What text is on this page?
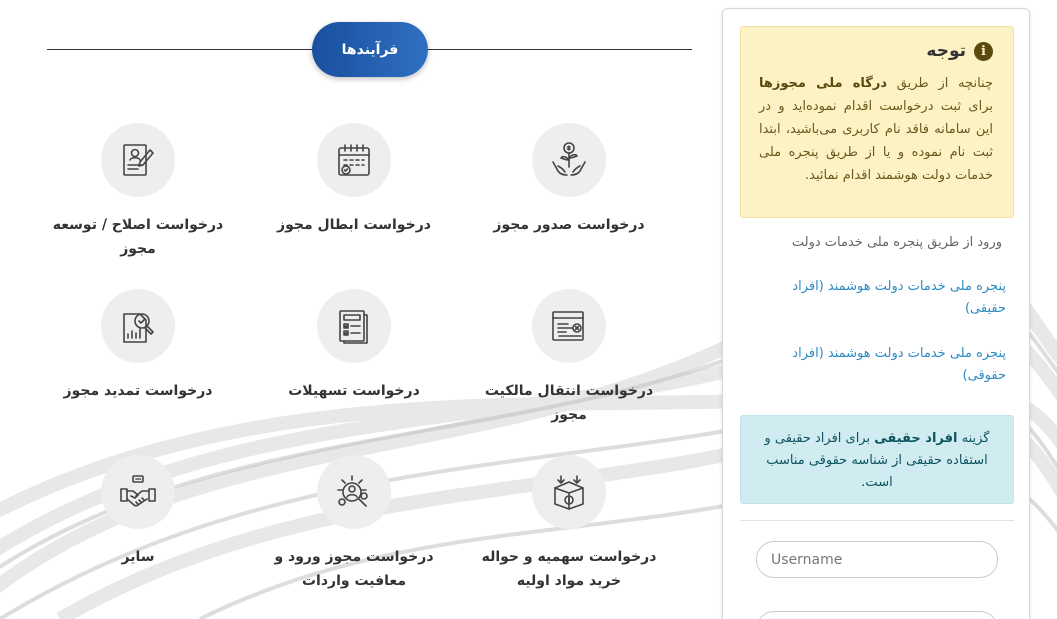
فرآیندها
درخواست صدور مجوز
درخواست ابطال مجوز
درخواست اصلاح / توسعه مجوز
درخواست انتقال مالکیت مجوز
درخواست تسهیلات
درخواست تمدید مجوز
درخواست سهمیه و حواله خرید مواد اولیه
درخواست مجوز ورود و معافیت واردات
سایر
i
توجه
چنانچه از طریق درگاه ملی مجوزها برای ثبت درخواست اقدام نموده‌اید و در این سامانه فاقد نام کاربری می‌باشید، ابتدا ثبت نام نموده و یا از طریق پنجره ملی خدمات دولت هوشمند اقدام نمائید.
ورود از طریق پنجره ملی خدمات دولت
پنجره ملی خدمات دولت هوشمند (افراد حقیقی)
پنجره ملی خدمات دولت هوشمند (افراد حقوقی)
گزینه افراد حقیقی برای افراد حقیقی و استفاده حقیقی از شناسه حقوقی مناسب است.
Username
